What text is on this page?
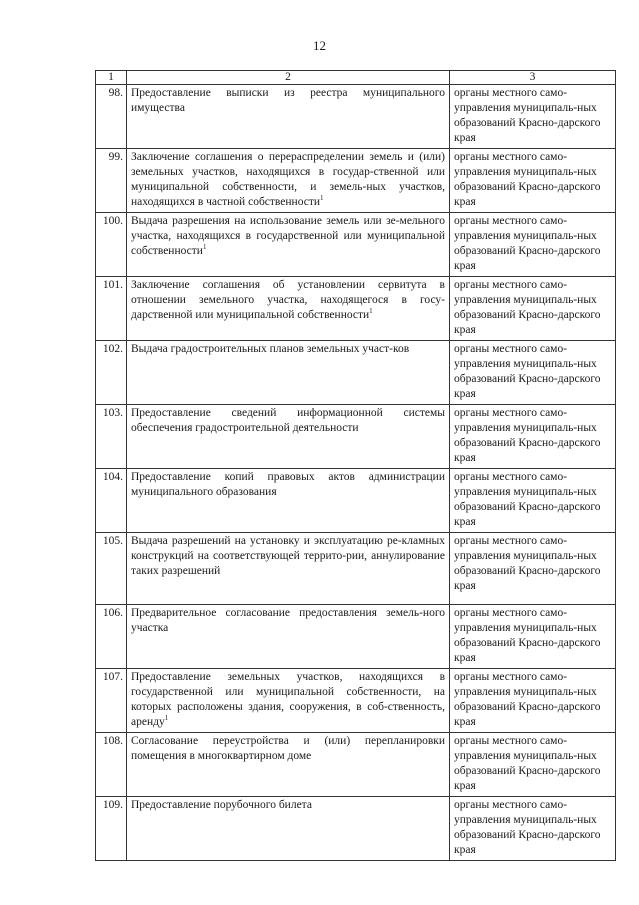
12
1	2	3
98.	Предоставление выписки из реестра муниципального имущества	органы местного само-управления муниципаль-ных образований Красно-дарского края
99.	Заключение соглашения о перераспределении земель и (или) земельных участков, находящихся в государ-ственной или муниципальной собственности, и земель-ных участков, находящихся в частной собственности$^1$	органы местного само-управления муниципаль-ных образований Красно-дарского края
100.	Выдача разрешения на использование земель или зе-мельного участка, находящихся в государственной или муниципальной собственности$^1$	органы местного само-управления муниципаль-ных образований Красно-дарского края
101.	Заключение соглашения об установлении сервитута в отношении земельного участка, находящегося в госу-дарственной или муниципальной собственности$^1$	органы местного само-управления муниципаль-ных образований Красно-дарского края
102.	Выдача градостроительных планов земельных участ-ков	органы местного само-управления муниципаль-ных образований Красно-дарского края
103.	Предоставление сведений информационной системы обеспечения градостроительной деятельности	органы местного само-управления муниципаль-ных образований Красно-дарского края
104.	Предоставление копий правовых актов администрации муниципального образования	органы местного само-управления муниципаль-ных образований Красно-дарского края
105.	Выдача разрешений на установку и эксплуатацию ре-кламных конструкций на соответствующей террито-рии, аннулирование таких разрешений	органы местного само-управления муниципаль-ных образований Красно-дарского края
106.	Предварительное согласование предоставления земель-ного участка	органы местного само-управления муниципаль-ных образований Красно-дарского края
107.	Предоставление земельных участков, находящихся в государственной или муниципальной собственности, на которых расположены здания, сооружения, в соб-ственность, аренду$^1$	органы местного само-управления муниципаль-ных образований Красно-дарского края
108.	Согласование переустройства и (или) перепланировки помещения в многоквартирном доме	органы местного само-управления муниципаль-ных образований Красно-дарского края
109.	Предоставление порубочного билета	органы местного само-управления муниципаль-ных образований Красно-дарского края
